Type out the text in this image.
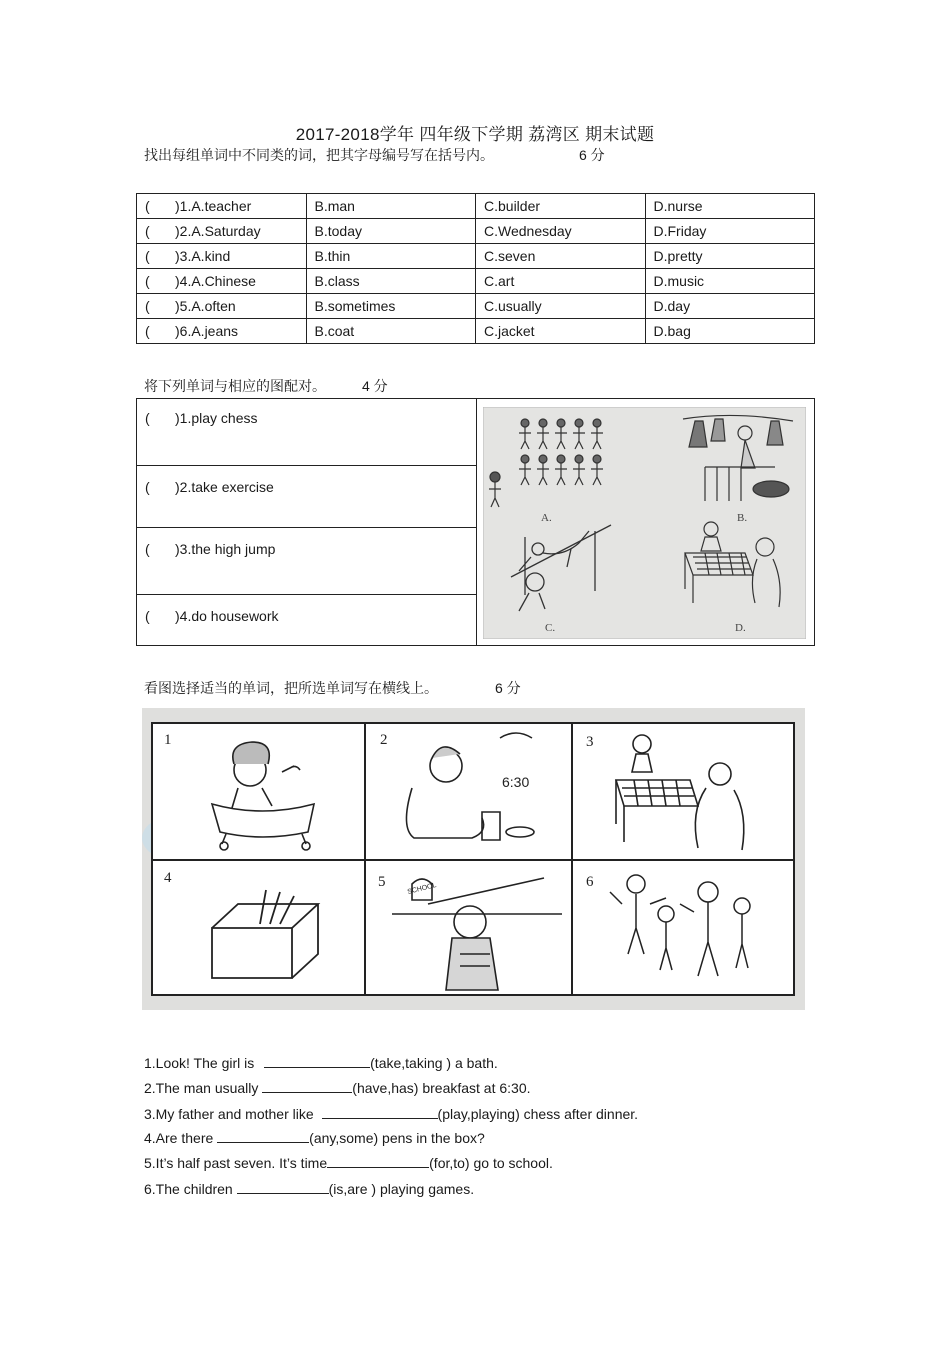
2017-2018学年 四年级下学期 荔湾区 期末试题
找出每组单词中不同类的词，把其字母编号写在括号内。	6 分
( )1.A.teacher	B.man	C.builder	D.nurse
( )2.A.Saturday	B.today	C.Wednesday	D.Friday
( )3.A.kind	B.thin	C.seven	D.pretty
( )4.A.Chinese	B.class	C.art	D.music
( )5.A.often	B.sometimes	C.usually	D.day
( )6.A.jeans	B.coat	C.jacket	D.bag
将下列单词与相应的图配对。	4 分
( )1.play chess
( )2.take exercise
( )3.the high jump
( )4.do housework
A.	B.
C.	D.
看图选择适当的单词，把所选单词写在横线上。	6 分
1	2	3
4	5	6
6:30
SCHOOL
1.Look! The girl is	(take,taking ) a bath.
2.The man usually	(have,has) breakfast at 6:30.
3.My father and mother like	(play,playing) chess after dinner.
4.Are there	(any,some) pens in the box?
5.It’s half past seven. It’s time	(for,to) go to school.
6.The children	(is,are ) playing games.
